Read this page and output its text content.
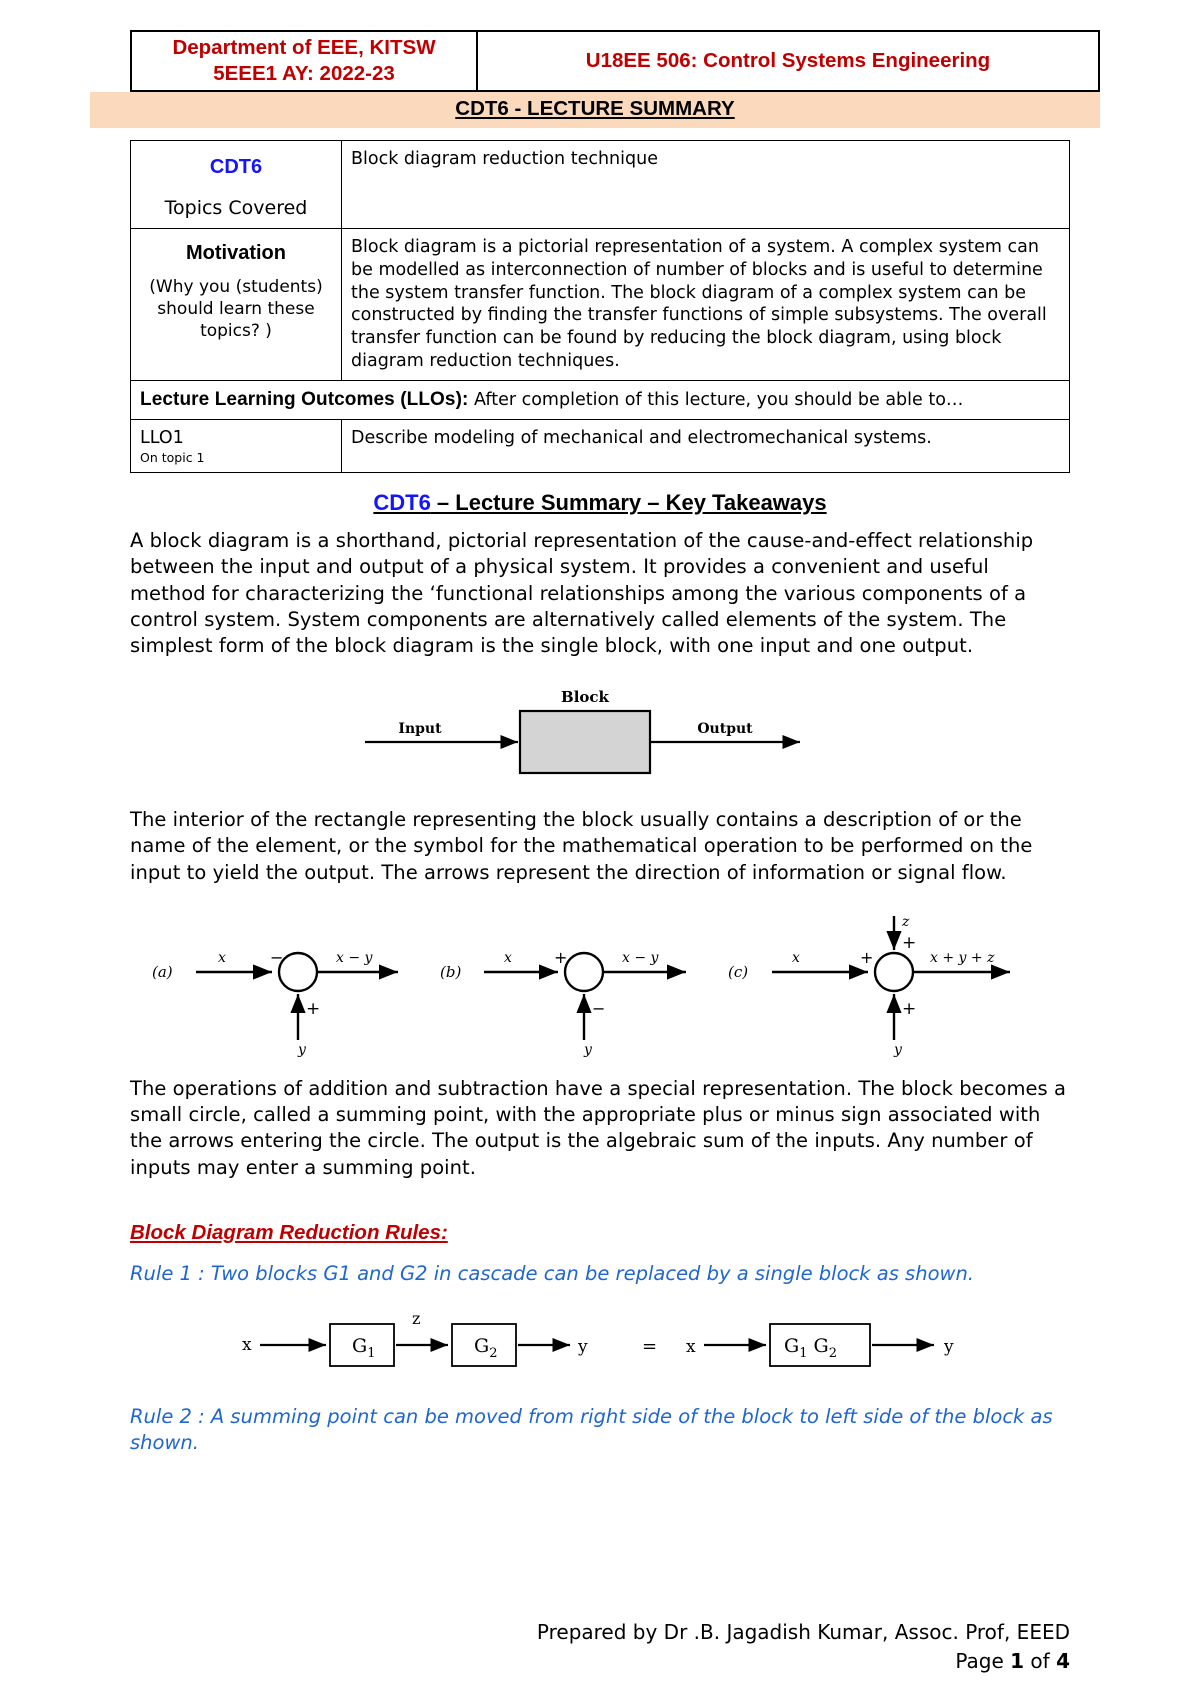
Department of EEE, KITSW
5EEE1 AY: 2022-23
	U18EE 506: Control Systems Engineering
CDT6 - LECTURE SUMMARY
CDT6
Topics Covered	Block diagram reduction technique

Motivation
(Why you (students) should learn these topics? )	Block diagram is a pictorial representation of a system. A complex system can be modelled as interconnection of number of blocks and is useful to determine the system transfer function. The block diagram of a complex system can be constructed by finding the transfer functions of simple subsystems. The overall transfer function can be found by reducing the block diagram, using block diagram reduction techniques.
Lecture Learning Outcomes (LLOs): After completion of this lecture, you should be able to…	
LLO1
On topic 1	Describe modeling of mechanical and electromechanical systems.
CDT6 – Lecture Summary – Key Takeaways

A block diagram is a shorthand, pictorial representation of the cause-and-effect relationship between the input and output of a physical system. It provides a convenient and useful method for characterizing the ‘functional relationships among the various components of a control system. System components are alternatively called elements of the system. The simplest form of the block diagram is the single block, with one input and one output.

Block
Input	Output

The interior of the rectangle representing the block usually contains a description of or the name of the element, or the symbol for the mathematical operation to be performed on the input to yield the output. The arrows represent the direction of information or signal flow.

(a)
x	−
+
y
x − y
(b)
x	+
−
y
x − y
(c)
z
+
x	+
+
y
x + y + z

The operations of addition and subtraction have a special representation. The block becomes a small circle, called a summing point, with the appropriate plus or minus sign associated with the arrows entering the circle. The output is the algebraic sum of the inputs. Any number of inputs may enter a summing point.

Block Diagram Reduction Rules:
Rule 1 : Two blocks G1 and G2 in cascade can be replaced by a single block as shown.
x	$G_1$
z
$G_2$	y	= x	$G_1$ $G_2$	y
Rule 2 : A summing point can be moved from right side of the block to left side of the block as shown.
Prepared by Dr .B. Jagadish Kumar, Assoc. Prof, EEED
Page 1 of 4
